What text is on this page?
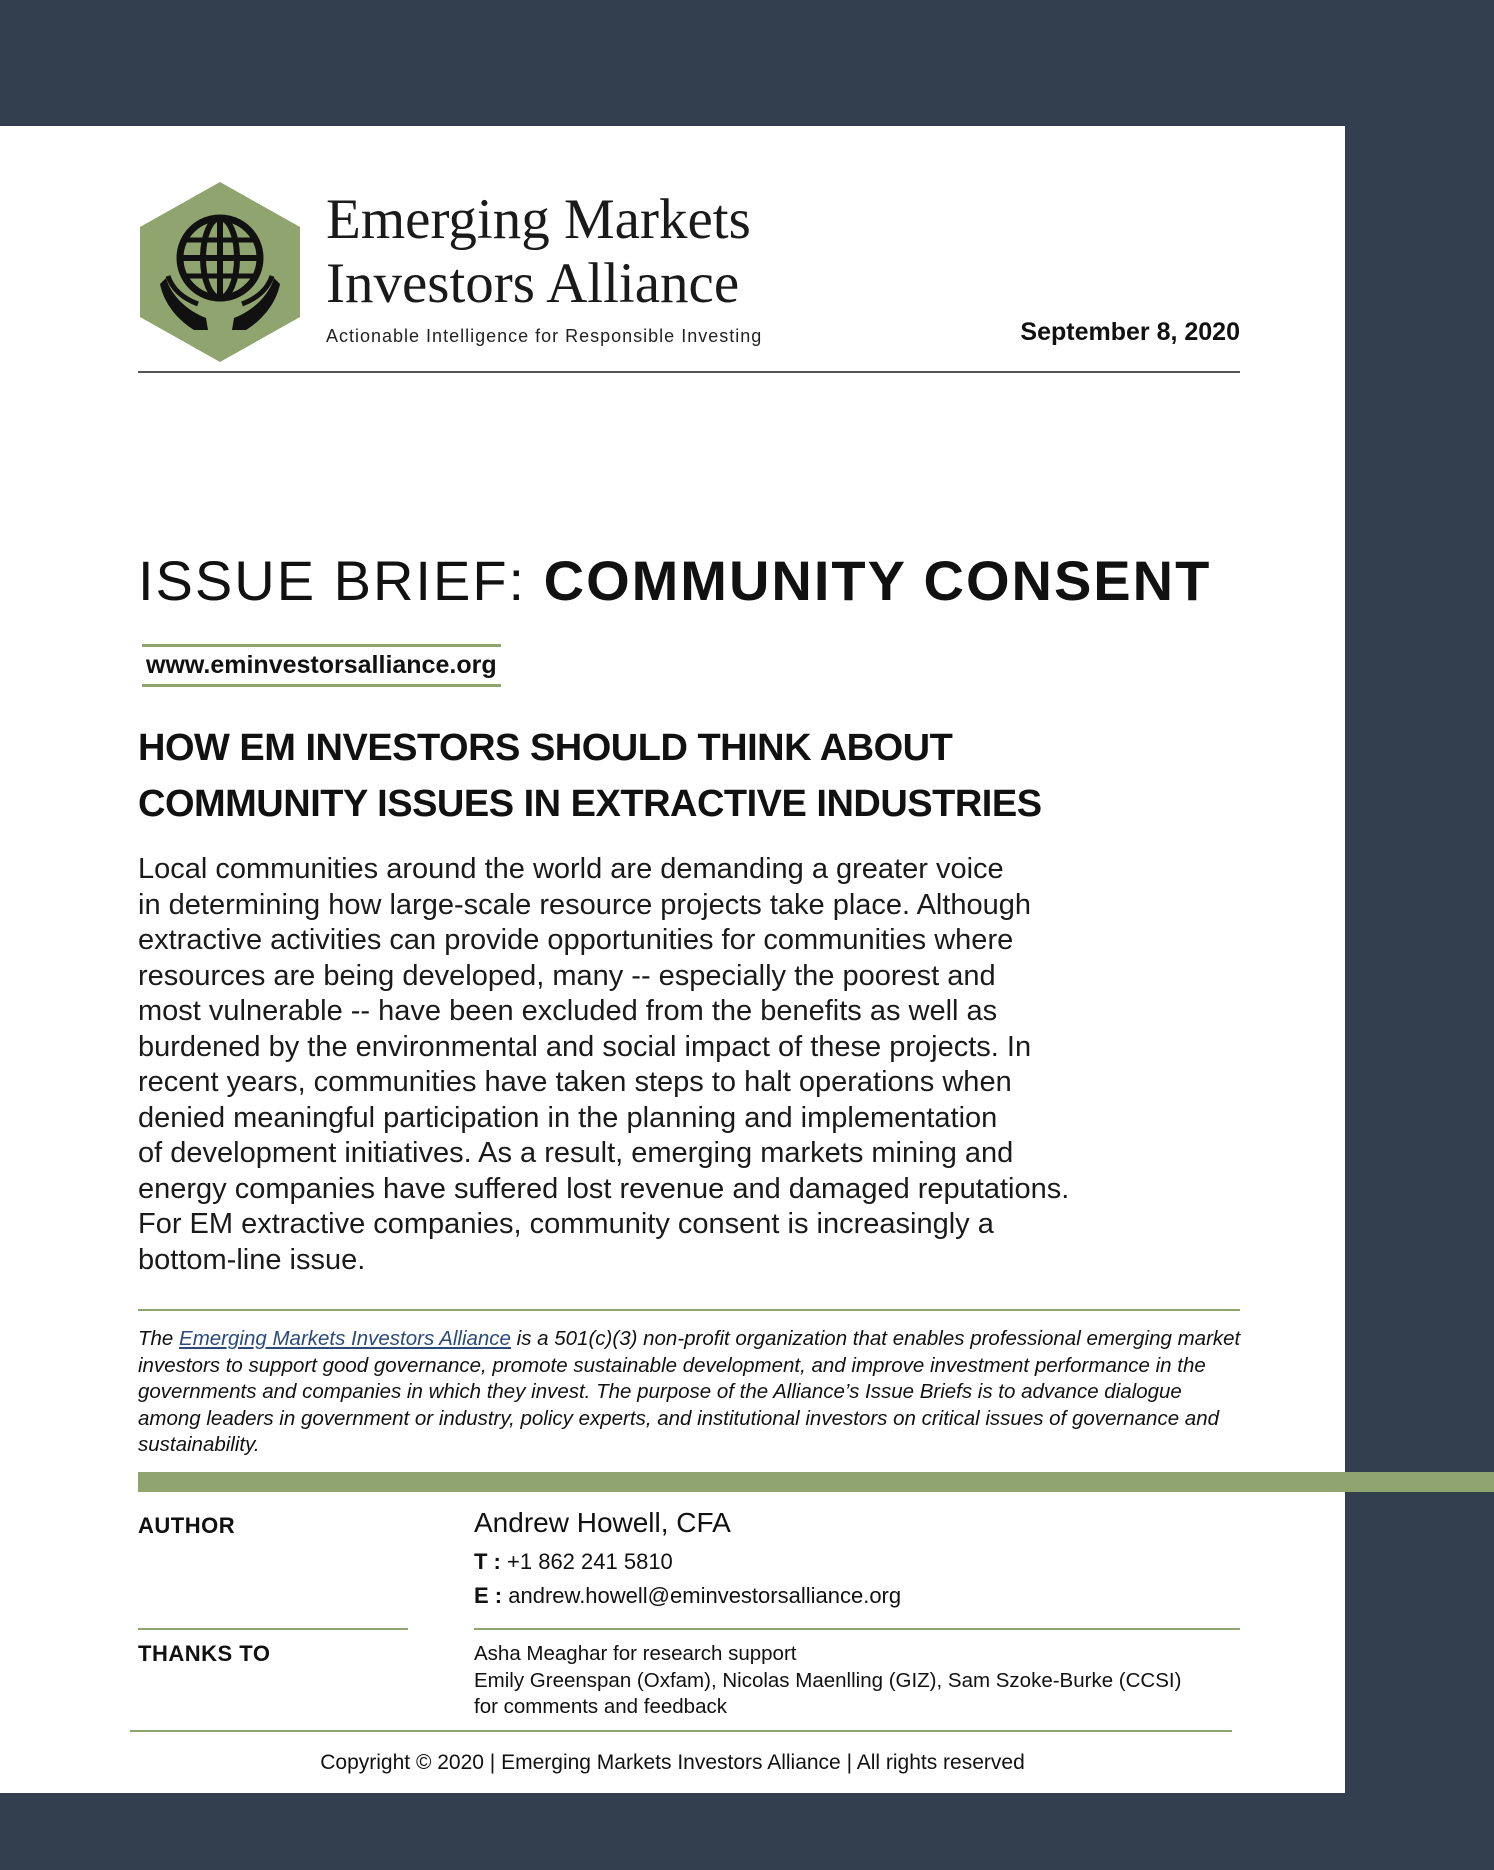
Emerging Markets
Investors Alliance
Actionable Intelligence for Responsible Investing	September 8, 2020
ISSUE BRIEF: COMMUNITY CONSENT
www.eminvestorsalliance.org
HOW EM INVESTORS SHOULD THINK ABOUT
COMMUNITY ISSUES IN EXTRACTIVE INDUSTRIES
Local communities around the world are demanding a greater voice
in determining how large-scale resource projects take place. Although
extractive activities can provide opportunities for communities where
resources are being developed, many -- especially the poorest and
most vulnerable -- have been excluded from the benefits as well as
burdened by the environmental and social impact of these projects. In
recent years, communities have taken steps to halt operations when
denied meaningful participation in the planning and implementation
of development initiatives. As a result, emerging markets mining and
energy companies have suffered lost revenue and damaged reputations.
For EM extractive companies, community consent is increasingly a
bottom-line issue.
The Emerging Markets Investors Alliance is a 501(c)(3) non-profit organization that enables professional emerging market investors to support good governance, promote sustainable development, and improve investment performance in the governments and companies in which they invest. The purpose of the Alliance’s Issue Briefs is to advance dialogue among leaders in government or industry, policy experts, and institutional investors on critical issues of governance and sustainability.
AUTHOR	Andrew Howell, CFA
T : +1 862 241 5810
E : andrew.howell@eminvestorsalliance.org
THANKS TO	Asha Meaghar for research support
Emily Greenspan (Oxfam), Nicolas Maenlling (GIZ), Sam Szoke-Burke (CCSI)
for comments and feedback
Copyright © 2020 | Emerging Markets Investors Alliance | All rights reserved
